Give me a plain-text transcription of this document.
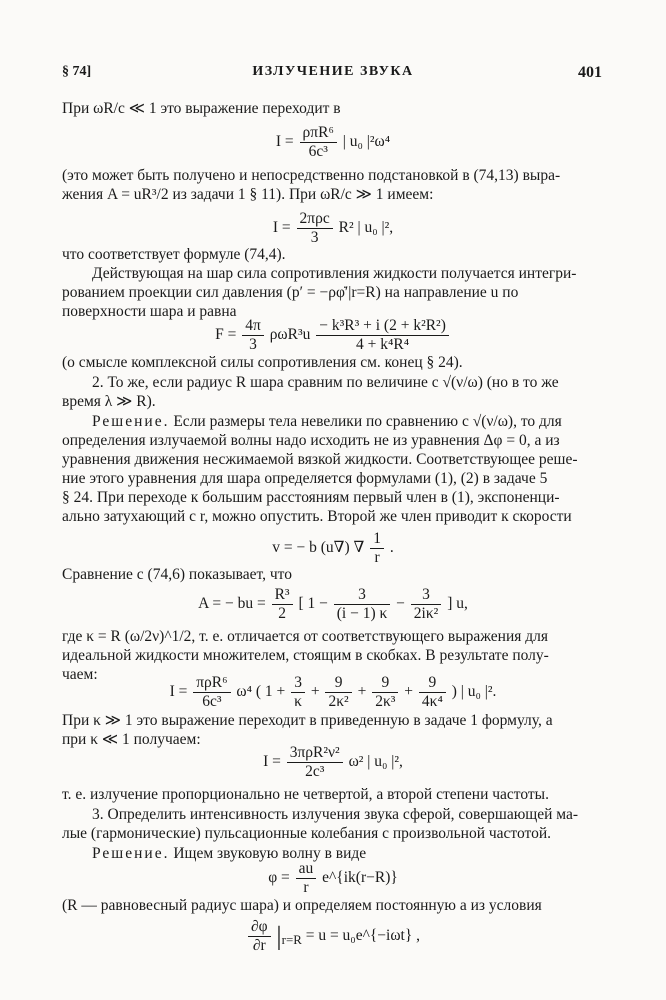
§ 74]	ИЗЛУЧЕНИЕ ЗВУКА	401
При ωR/c ≪ 1 это выражение переходит в
$I = \frac{\text{ρπR⁶}}{\text{6c³}}$ | u₀ |²ω⁴
(это может быть получено и непосредственно подстановкой в (74,13) выра-
жения A = uR³/2 из задачи 1 § 11). При ωR/c ≫ 1 имеем:
$I = \frac{\text{2πρc}}{3} R^2$ | u₀ |²,
что соответствует формуле (74,4).
Действующая на шар сила сопротивления жидкости получается интегри-
рованием проекции сил давления (p′ = −ρφ̇′|r=R) на направление u по
поверхности шара и равна
$F = \frac{4\pi}{3} \rho\omega R^3u \frac{\text{− k³R³ + i (2 + k²R²)}}{\text{4 + k⁴R⁴}}$
(о смысле комплексной силы сопротивления см. конец § 24).
2. То же, если радиус R шара сравним по величине с √(ν/ω) (но в то же
время λ ≫ R).
Решение. Если размеры тела невелики по сравнению с √(ν/ω), то для
определения излучаемой волны надо исходить не из уравнения Δφ = 0, а из
уравнения движения несжимаемой вязкой жидкости. Соответствующее реше-
ние этого уравнения для шара определяется формулами (1), (2) в задаче 5
§ 24. При переходе к большим расстояниям первый член в (1), экспоненци-
ально затухающий с r, можно опустить. Второй же член приводит к скорости
v = − b (u∇) ∇ $\frac{1}{r}$ .
Сравнение с (74,6) показывает, что
A = − bu = $\frac{\text{R³}}{2}$ [ $1 - \frac{3}{(i - 1) \kappa} - \frac{3}{\text{2iκ²}}$ ] u,
где κ = R (ω/2ν)^1/2, т. е. отличается от соответствующего выражения для
идеальной жидкости множителем, стоящим в скобках. В результате полу-
чаем:
$I = \frac{\text{πρR⁶}}{\text{6c³}} \omega^4$ ( $1 + \frac{3}{\kappa} + \frac{9}{\text{2κ²}} + \frac{9}{\text{2κ³}} + \frac{9}{\text{4κ⁴}}$ ) | u₀ |².
При κ ≫ 1 это выражение переходит в приведенную в задаче 1 формулу, а
при κ ≪ 1 получаем:
$I = \frac{\text{3πρR²ν²}}{\text{2c³}} \omega^2$ | u₀ |²,
т. е. излучение пропорционально не четвертой, а второй степени частоты.
3. Определить интенсивность излучения звука сферой, совершающей ма-
лые (гармонические) пульсационные колебания с произвольной частотой.
Решение. Ищем звуковую волну в виде
$\varphi = \frac{au}{r}$ e^{ik(r−R)}
(R — равновесный радиус шара) и определяем постоянную a из условия
$\frac{\partial\varphi}{\partial r} |_{r=R} = u$ = u₀e^{−iωt} ,
